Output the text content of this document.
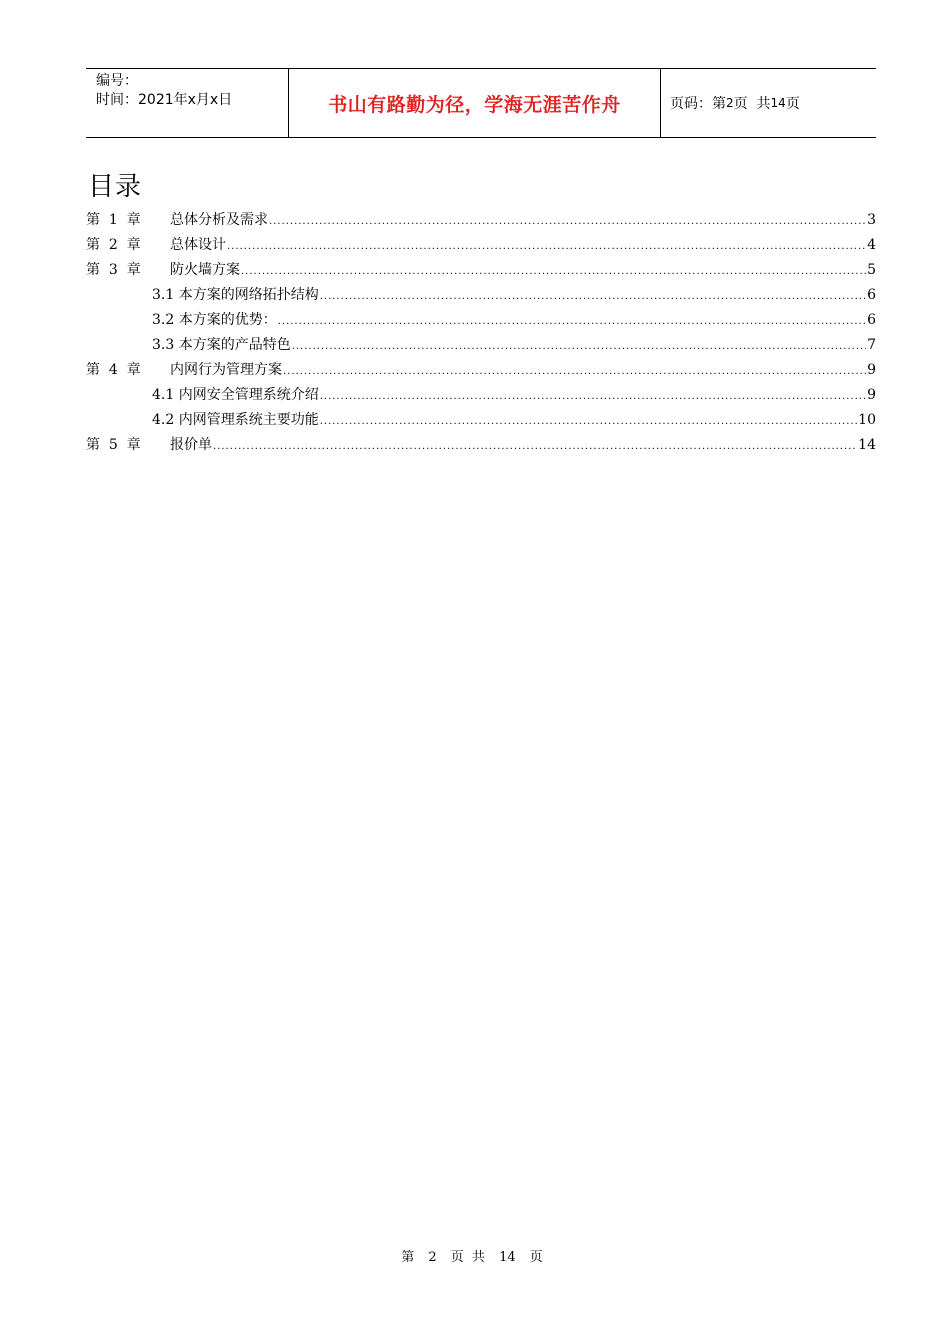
编号：
时间：2021年x月x日	书山有路勤为径，学海无涯苦作舟	页码：第 2 页  共 14 页
目录
第 1 章	总体分析及需求 .....	3
第 2 章	总体设计 .....	4
第 3 章	防火墙方案 .....	5
3.1 本方案的网络拓扑结构 .....	6
3.2 本方案的优势： .....	6
3.3 本方案的产品特色 .....	7
第 4 章	内网行为管理方案 .....	9
4.1 内网安全管理系统介绍 .....	9
4.2 内网管理系统主要功能 .....	10
第 5 章	报价单 .....	14
第 2 页 共 14 页
